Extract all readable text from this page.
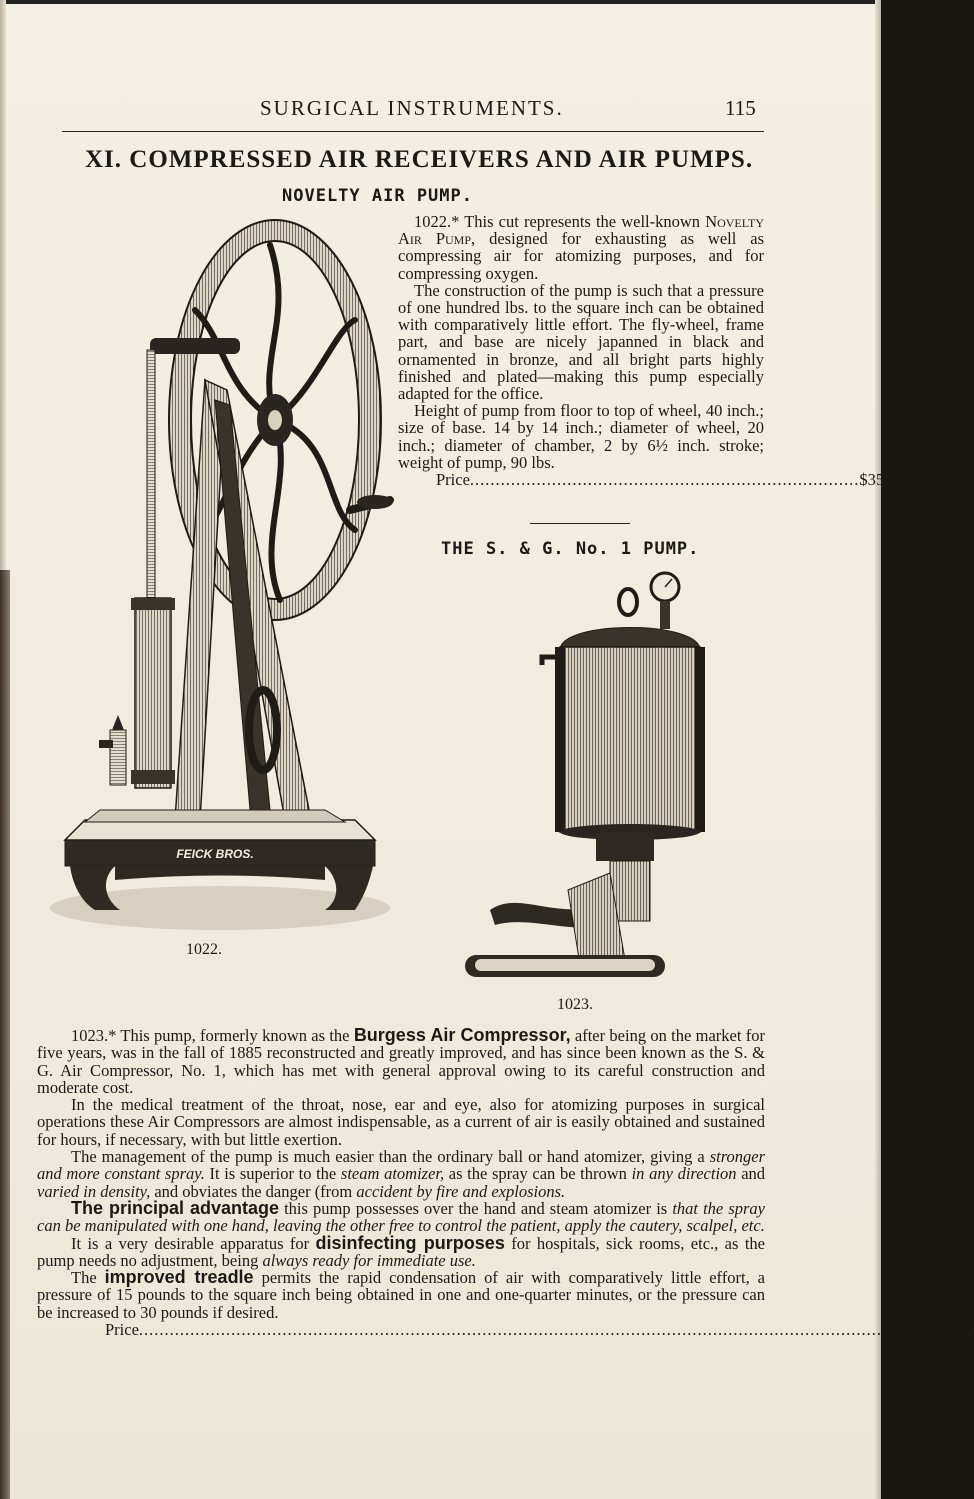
SURGICAL INSTRUMENTS.	115
XI. COMPRESSED AIR RECEIVERS AND AIR PUMPS.
NOVELTY AIR PUMP.
FEICK BROS.

1022.* This cut represents the well-known Novelty Air Pump, designed for exhausting as well as compressing air for atomizing purposes, and for compressing oxygen.

The construction of the pump is such that a pressure of one hundred lbs. to the square inch can be obtained with comparatively little effort. The fly-wheel, frame part, and base are nicely japanned in black and ornamented in bronze, and all bright parts highly finished and plated—making this pump especially adapted for the office.

Height of pump from floor to top of wheel, 40 inch.; size of base. 14 by 14 inch.; diameter of wheel, 20 inch.; diameter of chamber, 2 by 6½ inch. stroke; weight of pump, 90 lbs.

Price ............................................................................ $35 00
THE S. & G. No. 1 PUMP.
1022.
1023.

1023.* This pump, formerly known as the Burgess Air Compressor, after being on the market for five years, was in the fall of 1885 reconstructed and greatly improved, and has since been known as the S. & G. Air Compressor, No. 1, which has met with general approval owing to its careful construction and moderate cost.

In the medical treatment of the throat, nose, ear and eye, also for atomizing purposes in surgical operations these Air Compressors are almost indispensable, as a current of air is easily obtained and sustained for hours, if necessary, with but little exertion.

The management of the pump is much easier than the ordinary ball or hand atomizer, giving a stronger and more constant spray. It is superior to the steam atomizer, as the spray can be thrown in any direction and varied in density, and obviates the danger (from accident by fire and explosions.

The principal advantage this pump possesses over the hand and steam atomizer is that the spray can be manipulated with one hand, leaving the other free to control the patient, apply the cautery, scalpel, etc.

It is a very desirable apparatus for disinfecting purposes for hospitals, sick rooms, etc., as the pump needs no adjustment, being always ready for immediate use.

The improved treadle permits the rapid condensation of air with comparatively little effort, a pressure of 15 pounds to the square inch being obtained in one and one-quarter minutes, or the pressure can be increased to 30 pounds if desired.

Price .......................................................................................................................................................... $25 00
